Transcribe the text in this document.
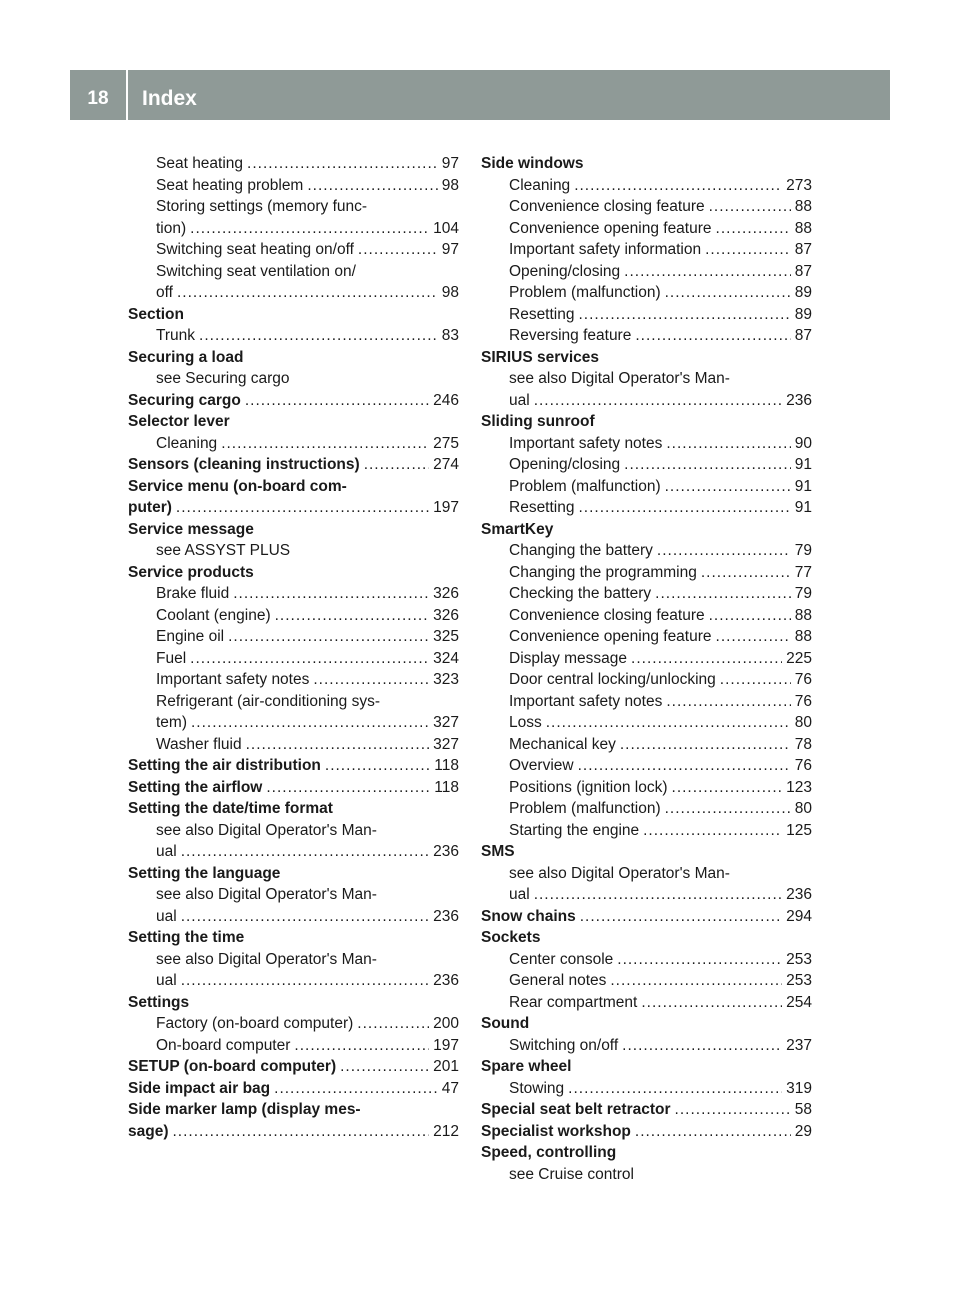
18	Index
Seat heating .....	97
Seat heating problem .....	98
Storing settings (memory func-
tion) .....	104
Switching seat heating on/off .....	97
Switching seat ventilation on/
off .....	98
Section
Trunk .....	83
Securing a load
see Securing cargo
Securing cargo .....	246
Selector lever
Cleaning .....	275
Sensors (cleaning instructions) .....	274
Service menu (on-board com-
puter) .....	197
Service message
see ASSYST PLUS
Service products
Brake fluid .....	326
Coolant (engine) .....	326
Engine oil .....	325
Fuel .....	324
Important safety notes .....	323
Refrigerant (air-conditioning sys-
tem) .....	327
Washer fluid .....	327
Setting the air distribution .....	118
Setting the airflow .....	118
Setting the date/time format
see also Digital Operator's Man-
ual .....	236
Setting the language
see also Digital Operator's Man-
ual .....	236
Setting the time
see also Digital Operator's Man-
ual .....	236
Settings
Factory (on-board computer) .....	200
On-board computer .....	197
SETUP (on-board computer) .....	201
Side impact air bag .....	47
Side marker lamp (display mes-
sage) .....	212
Side windows
Cleaning .....	273
Convenience closing feature .....	88
Convenience opening feature .....	88
Important safety information .....	87
Opening/closing .....	87
Problem (malfunction) .....	89
Resetting .....	89
Reversing feature .....	87
SIRIUS services
see also Digital Operator's Man-
ual .....	236
Sliding sunroof
Important safety notes .....	90
Opening/closing .....	91
Problem (malfunction) .....	91
Resetting .....	91
SmartKey
Changing the battery .....	79
Changing the programming .....	77
Checking the battery .....	79
Convenience closing feature .....	88
Convenience opening feature .....	88
Display message .....	225
Door central locking/unlocking .....	76
Important safety notes .....	76
Loss .....	80
Mechanical key .....	78
Overview .....	76
Positions (ignition lock) .....	123
Problem (malfunction) .....	80
Starting the engine .....	125
SMS
see also Digital Operator's Man-
ual .....	236
Snow chains .....	294
Sockets
Center console .....	253
General notes .....	253
Rear compartment .....	254
Sound
Switching on/off .....	237
Spare wheel
Stowing .....	319
Special seat belt retractor .....	58
Specialist workshop .....	29
Speed, controlling
see Cruise control
